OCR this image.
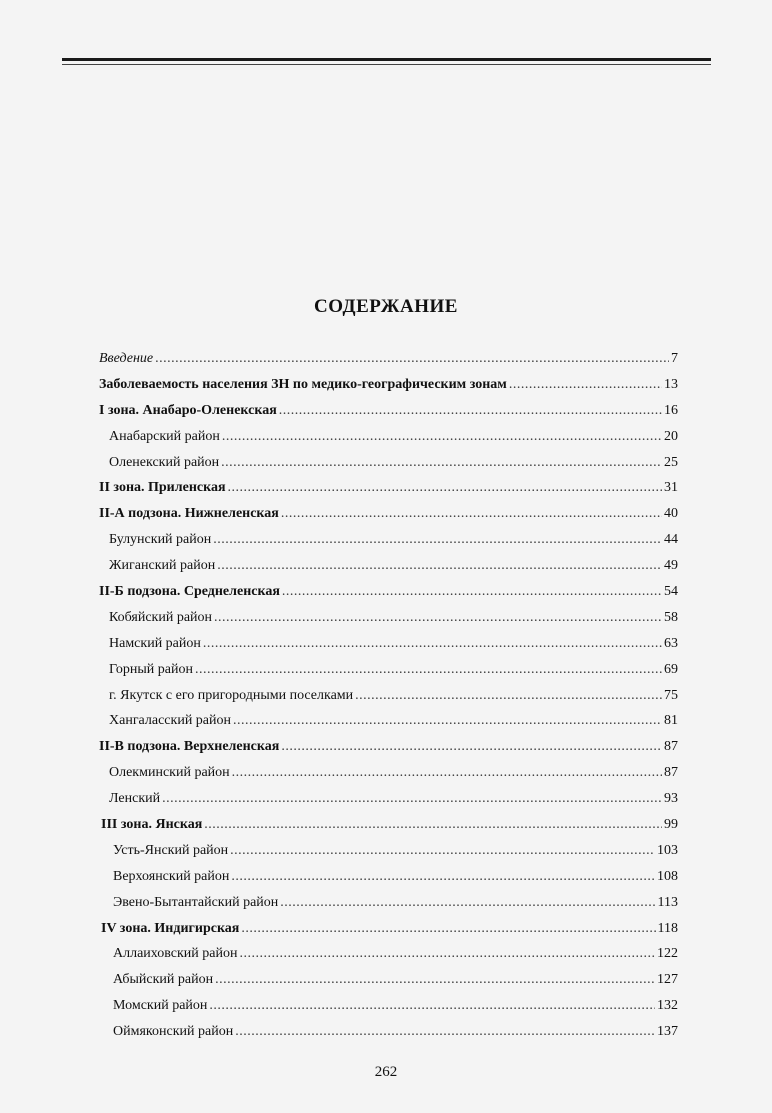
СОДЕРЖАНИЕ
Введение .....	7
Заболеваемость населения ЗН по медико-географическим зонам .....	13
I зона. Анабаро-Оленекская .....	16
Анабарский район .....	20
Оленекский район .....	25
II зона. Приленская .....	31
II-А подзона. Нижнеленская .....	40
Булунский район .....	44
Жиганский район .....	49
II-Б подзона. Среднеленская .....	54
Кобяйский район .....	58
Намский район .....	63
Горный район .....	69
г. Якутск с его пригородными поселками .....	75
Хангаласский район .....	81
II-В подзона. Верхнеленская .....	87
Олекминский район .....	87
Ленский .....	93
III зона. Янская .....	99
Усть-Янский район .....	103
Верхоянский район .....	108
Эвено-Бытантайский район .....	113
IV зона. Индигирская .....	118
Аллаиховский район .....	122
Абыйский район .....	127
Момский район .....	132
Оймяконский район .....	137
262
